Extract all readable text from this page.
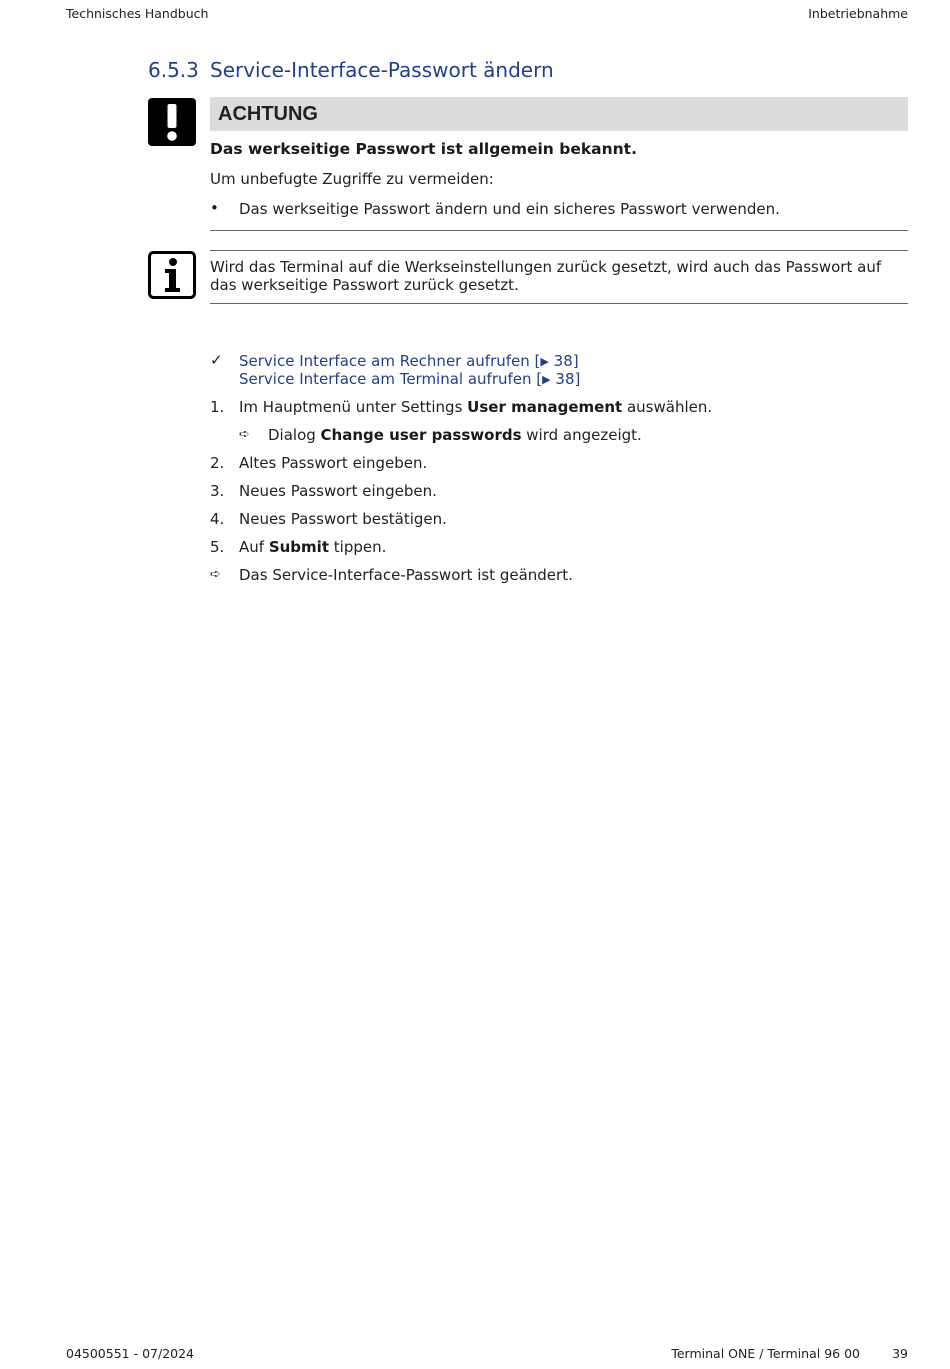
Technisches Handbuch	Inbetriebnahme
6.5.3 Service-Interface-Passwort ändern
ACHTUNG
Das werkseitige Passwort ist allgemein bekannt.
Um unbefugte Zugriffe zu vermeiden:
• Das werkseitige Passwort ändern und ein sicheres Passwort verwenden.
Wird das Terminal auf die Werkseinstellungen zurück gesetzt, wird auch das Passwort auf das werkseitige Passwort zurück gesetzt.
✓ Service Interface am Rechner aufrufen [▶ 38]
Service Interface am Terminal aufrufen [▶ 38]
1. Im Hauptmenü unter Settings User management auswählen.
➪ Dialog Change user passwords wird angezeigt.
2. Altes Passwort eingeben.
3. Neues Passwort eingeben.
4. Neues Passwort bestätigen.
5. Auf Submit tippen.
➪ Das Service-Interface-Passwort ist geändert.
04500551 - 07/2024	Terminal ONE / Terminal 96 00	39
